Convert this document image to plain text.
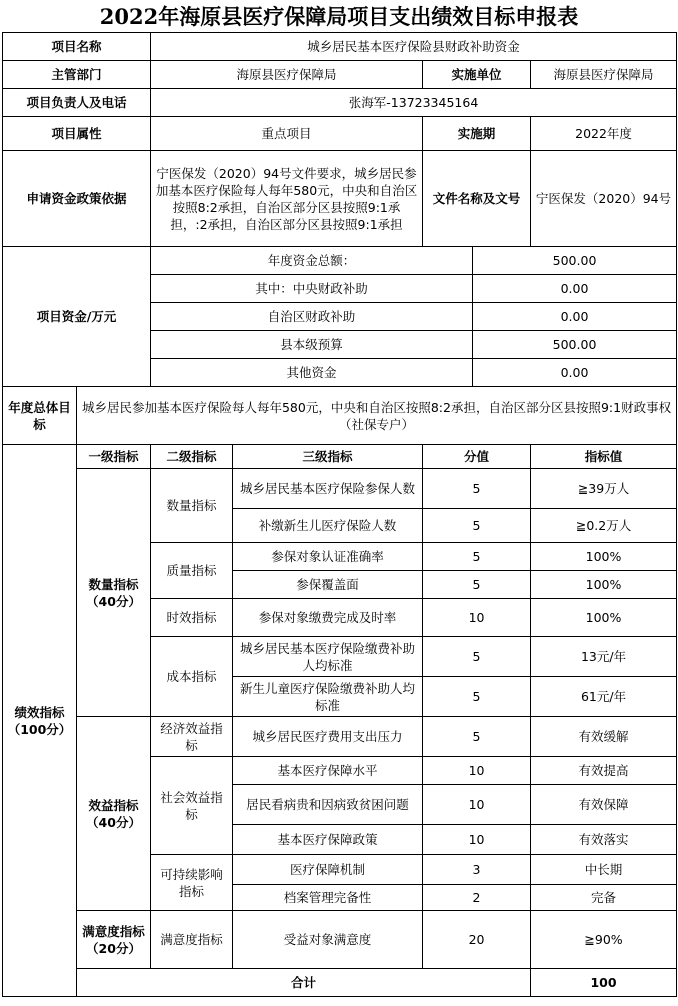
2022年海原县医疗保障局项目支出绩效目标申报表
项目名称		城乡居民基本医疗保险县财政补助资金					
主管部门		海原县医疗保障局		实施单位		海原县医疗保障局	
项目负责人及电话		张海军-13723345164					
项目属性		重点项目		实施期		2022年度	
申请资金政策依据		宁医保发（2020）94号文件要求，城乡居民参加基本医疗保险每人每年580元，中央和自治区按照8:2承担，自治区部分区县按照9:1承担，:2承担，自治区部分区县按照9:1承担		文件名称及文号		宁医保发（2020）94号	
项目资金/万元		年度资金总额：			500.00		
		其中：中央财政补助			0.00		
		自治区财政补助			0.00		
		县本级预算			500.00		
		其他资金			0.00		
年度总体目标	城乡居民参加基本医疗保险每人每年580元，中央和自治区按照8:2承担，自治区部分区县按照9:1财政事权（社保专户）						
绩效指标（100分）	一级指标	二级指标	三级指标	分值		指标值	
	数量指标（40分）	数量指标	城乡居民基本医疗保险参保人数	5		≧39万人	
			补缴新生儿医疗保险人数	5		≧0.2万人	
		质量指标	参保对象认证准确率	5		100%	
			参保覆盖面	5		100%	
		时效指标	参保对象缴费完成及时率	10		100%	
		成本指标	城乡居民基本医疗保险缴费补助人均标准	5		13元/年	
			新生儿童医疗保险缴费补助人均标准	5		61元/年	
	效益指标（40分）	经济效益指标	城乡居民医疗费用支出压力	5		有效缓解	
		社会效益指标	基本医疗保障水平	10		有效提高	
			居民看病贵和因病致贫困问题	10		有效保障	
			基本医疗保障政策	10		有效落实	
		可持续影响指标	医疗保障机制	3		中长期	
			档案管理完备性	2		完备	
	满意度指标（20分）	满意度指标	受益对象满意度	20		≧90%	
	合计					100	
